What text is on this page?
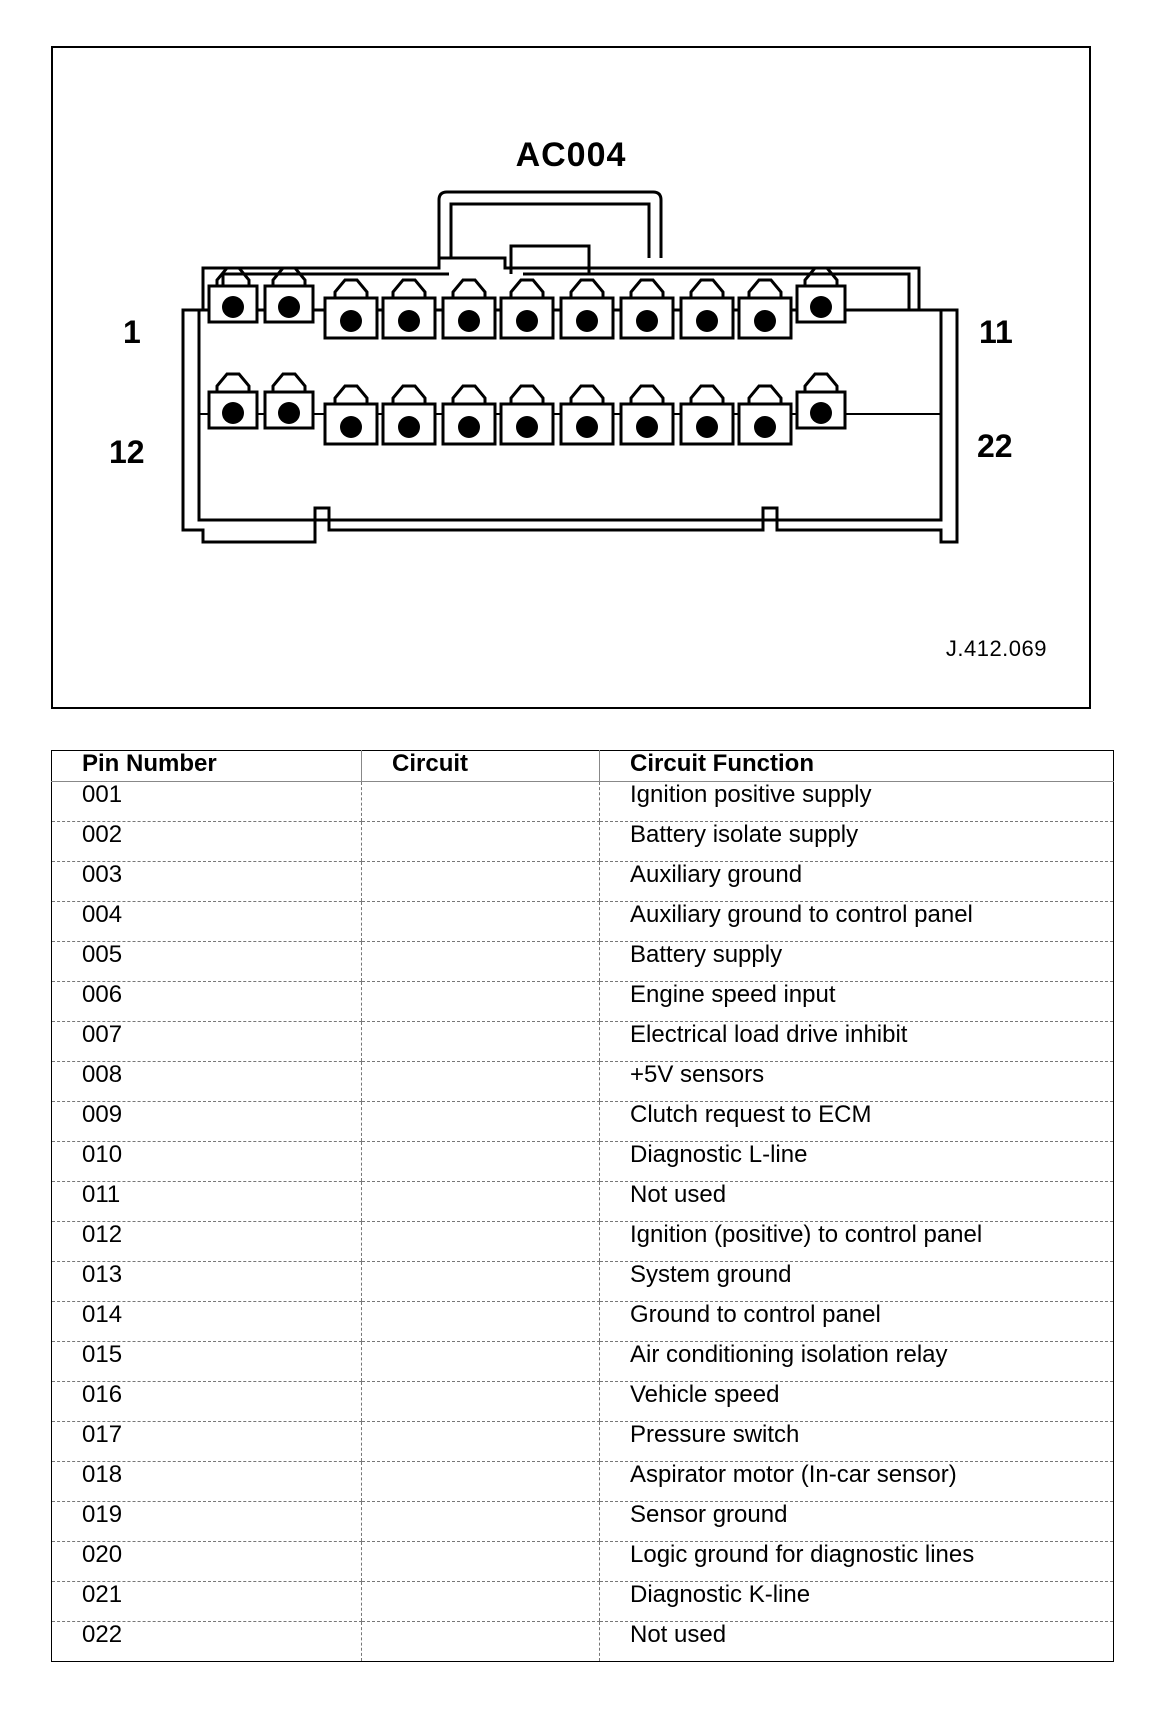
AC004
1	11
12	22
J.412.069
Pin Number	Circuit	Circuit Function
001		Ignition positive supply
002		Battery isolate supply
003		Auxiliary ground
004		Auxiliary ground to control panel
005		Battery supply
006		Engine speed input
007		Electrical load drive inhibit
008		+5V sensors
009		Clutch request to ECM
010		Diagnostic L-line
011		Not used
012		Ignition (positive) to control panel
013		System ground
014		Ground to control panel
015		Air conditioning isolation relay
016		Vehicle speed
017		Pressure switch
018		Aspirator motor (In-car sensor)
019		Sensor ground
020		Logic ground for diagnostic lines
021		Diagnostic K-line
022		Not used
